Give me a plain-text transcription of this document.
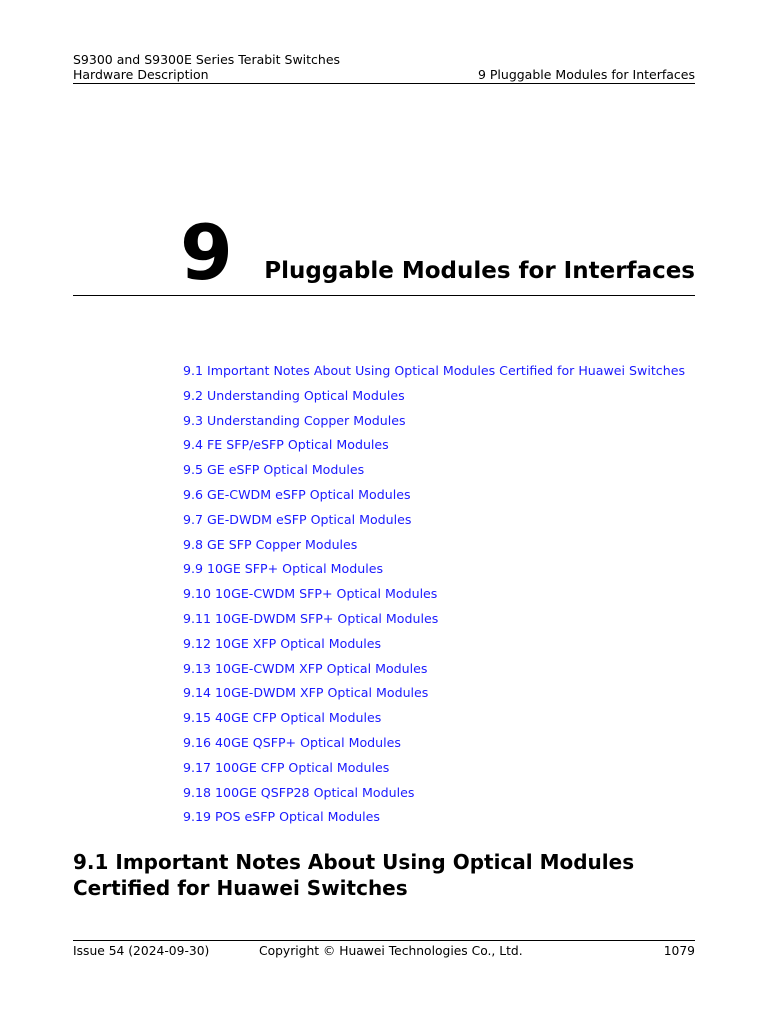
S9300 and S9300E Series Terabit Switches
Hardware Description	9 Pluggable Modules for Interfaces
9 Pluggable Modules for Interfaces
9.1 Important Notes About Using Optical Modules Certified for Huawei Switches
9.2 Understanding Optical Modules
9.3 Understanding Copper Modules
9.4 FE SFP/eSFP Optical Modules
9.5 GE eSFP Optical Modules
9.6 GE-CWDM eSFP Optical Modules
9.7 GE-DWDM eSFP Optical Modules
9.8 GE SFP Copper Modules
9.9 10GE SFP+ Optical Modules
9.10 10GE-CWDM SFP+ Optical Modules
9.11 10GE-DWDM SFP+ Optical Modules
9.12 10GE XFP Optical Modules
9.13 10GE-CWDM XFP Optical Modules
9.14 10GE-DWDM XFP Optical Modules
9.15 40GE CFP Optical Modules
9.16 40GE QSFP+ Optical Modules
9.17 100GE CFP Optical Modules
9.18 100GE QSFP28 Optical Modules
9.19 POS eSFP Optical Modules
9.1 Important Notes About Using Optical Modules
Certified for Huawei Switches
Issue 54 (2024-09-30)	Copyright © Huawei Technologies Co., Ltd.	1079
